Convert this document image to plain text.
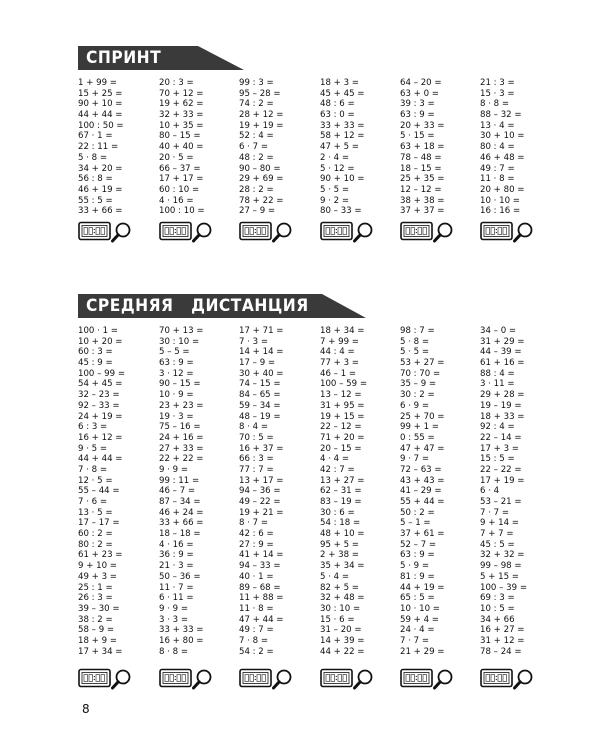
СПРИНТ
СРЕДНЯЯ   ДИСТАНЦИЯ
1 + 99 =
15 + 25 =
90 + 10 =
44 + 44 =
100 : 50 =
67 · 1 =
22 : 11 =
5 · 8 =
34 + 20 =
56 : 8 =
46 + 19 =
55 : 5 =
33 + 66 =
20 : 3 =
70 + 12 =
19 + 62 =
32 + 33 =
10 + 35 =
80 – 15 =
40 + 40 =
20 · 5 =
66 – 37 =
17 + 17 =
60 : 10 =
4 · 16 =
100 : 10 =
99 : 3 =
95 – 28 =
74 : 2 =
28 + 12 =
19 + 19 =
52 : 4 =
6 · 7 =
48 : 2 =
90 – 80 =
29 + 69 =
28 : 2 =
78 + 22 =
27 – 9 =
18 + 3 =
45 + 45 =
48 : 6 =
63 : 0 =
33 + 33 =
58 + 12 =
47 + 5 =
2 · 4 =
5 · 12 =
90 + 10 =
5 · 5 =
9 · 2 =
80 – 33 =
64 – 20 =
63 + 0 =
39 : 3 =
63 : 9 =
20 + 33 =
5 · 15 =
63 + 18 =
78 – 48 =
18 – 15 =
25 + 35 =
12 – 12 =
38 + 38 =
37 + 37 =
21 : 3 =
15 · 3 =
8 · 8 =
88 – 32 =
13 · 4 =
30 + 10 =
80 : 4 =
46 + 48 =
49 : 7 =
11 · 8 =
20 + 80 =
10 · 10 =
16 : 16 =
100 · 1 =
10 + 20 =
60 : 3 =
45 : 9 =
100 – 99 =
54 + 45 =
32 – 23 =
92 – 33 =
24 + 19 =
6 : 3 =
16 + 12 =
9 · 5 =
44 + 44 =
7 · 8 =
12 · 5 =
55 – 44 =
7 · 6 =
13 · 5 =
17 – 17 =
60 : 2 =
80 : 2 =
61 + 23 =
9 + 10 =
49 + 3 =
25 : 1 =
26 : 3 =
39 – 30 =
38 : 2 =
58 – 9 =
18 + 9 =
17 + 34 =
70 + 13 =
30 : 10 =
5 – 5 =
63 : 9 =
3 · 12 =
90 – 15 =
10 · 9 =
23 + 23 =
19 · 3 =
75 – 16 =
24 + 16 =
27 + 33 =
22 + 22 =
9 · 9 =
99 : 11 =
46 – 7 =
87 – 34 =
46 + 24 =
33 + 66 =
18 – 18 =
4 · 16 =
36 : 9 =
21 · 3 =
50 – 36 =
11 · 7 =
6 · 11 =
9 · 9 =
3 · 3 =
33 + 33 =
16 + 80 =
8 · 8 =
17 + 71 =
7 · 3 =
14 + 14 =
17 – 9 =
30 + 40 =
74 – 15 =
84 – 65 =
59 – 34 =
48 – 19 =
8 · 4 =
70 : 5 =
16 + 37 =
66 : 3 =
77 : 7 =
13 + 17 =
94 – 36 =
49 – 22 =
19 + 21 =
8 · 7 =
42 : 6 =
27 : 9 =
41 + 14 =
94 – 33 =
40 · 1 =
89 – 68 =
11 + 88 =
11 · 8 =
47 + 44 =
49 : 7 =
7 · 8 =
54 : 2 =
18 + 34 =
7 + 99 =
44 : 4 =
77 + 3 =
46 – 1 =
100 – 59 =
13 – 12 =
31 + 95 =
19 + 15 =
22 – 12 =
71 + 20 =
20 – 15 =
4 · 4 =
42 : 7 =
13 + 27 =
62 – 31 =
83 – 19 =
30 : 6 =
54 : 18 =
48 + 10 =
95 + 5 =
2 + 38 =
35 + 34 =
5 · 4 =
82 + 5 =
32 + 48 =
30 : 10 =
15 · 6 =
31 – 20 =
14 + 39 =
44 + 22 =
98 : 7 =
5 · 8 =
5 · 5 =
53 + 27 =
70 : 70 =
35 – 9 =
30 : 2 =
6 · 9 =
25 + 70 =
99 + 1 =
0 : 55 =
47 + 47 =
9 · 7 =
72 – 63 =
43 + 43 =
41 – 29 =
55 + 44 =
50 : 2 =
5 – 1 =
37 + 61 =
52 – 7 =
63 : 9 =
5 · 9 =
81 : 9 =
44 + 19 =
65 : 5 =
10 · 10 =
59 + 4 =
24 · 4 =
7 · 7 =
21 + 29 =
34 – 0 =
31 + 29 =
44 – 39 =
61 + 16 =
88 : 4 =
3 · 11 =
29 + 28 =
19 – 19 =
18 + 33 =
92 : 4 =
22 – 14 =
17 + 3 =
15 : 5 =
22 – 22 =
17 + 19 =
6 · 4
53 – 21 =
7 · 7 =
9 + 14 =
7 + 7 =
45 : 5 =
32 + 32 =
99 – 98 =
5 + 15 =
100 – 39 =
69 : 3 =
10 : 5 =
34 + 66
16 + 27 =
31 + 12 =
78 – 24 =
8
